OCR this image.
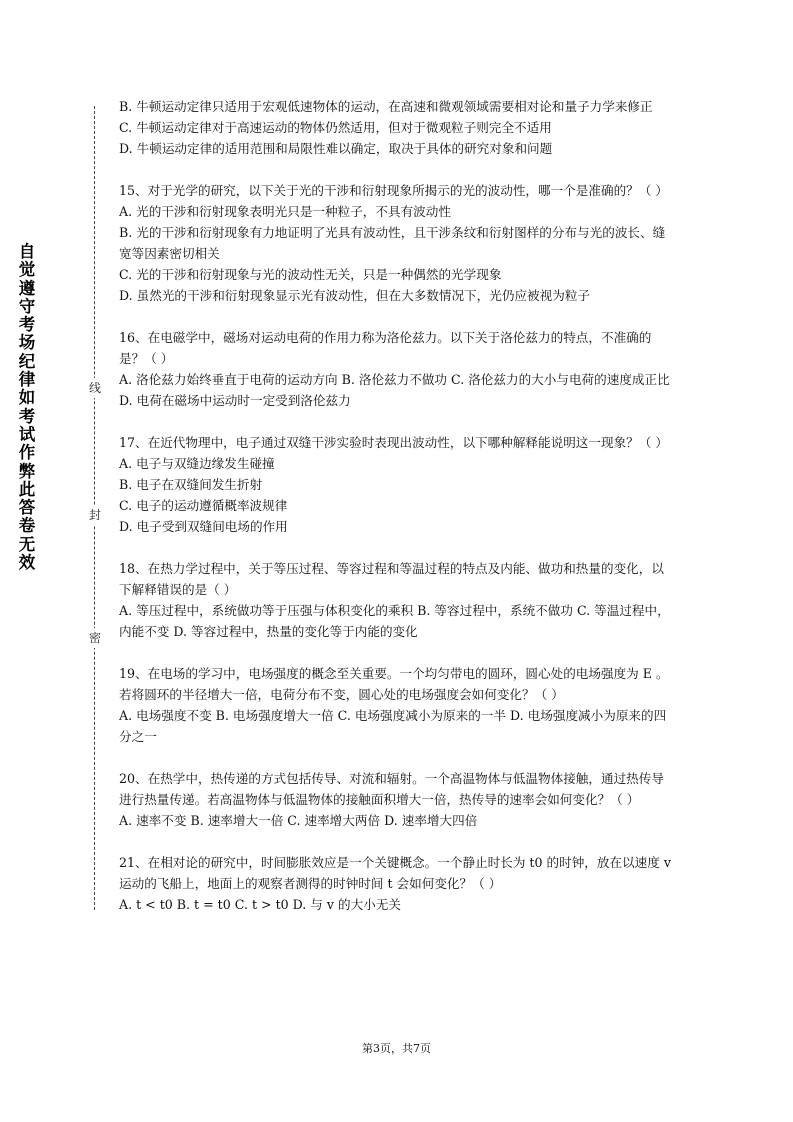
自
觉
遵
守
考
场
纪
律
如
考
试
作
弊
此
答
卷
无
效
线
封
密

B. 牛顿运动定律只适用于宏观低速物体的运动，在高速和微观领域需要相对论和量子力学来修正

C. 牛顿运动定律对于高速运动的物体仍然适用，但对于微观粒子则完全不适用

D. 牛顿运动定律的适用范围和局限性难以确定，取决于具体的研究对象和问题

15、对于光学的研究，以下关于光的干涉和衍射现象所揭示的光的波动性，哪一个是准确的？（ ）

A. 光的干涉和衍射现象表明光只是一种粒子，不具有波动性

B. 光的干涉和衍射现象有力地证明了光具有波动性，且干涉条纹和衍射图样的分布与光的波长、缝宽等因素密切相关

C. 光的干涉和衍射现象与光的波动性无关，只是一种偶然的光学现象

D. 虽然光的干涉和衍射现象显示光有波动性，但在大多数情况下，光仍应被视为粒子

16、在电磁学中，磁场对运动电荷的作用力称为洛伦兹力。以下关于洛伦兹力的特点，不准确的是？（ ）

A. 洛伦兹力始终垂直于电荷的运动方向 B. 洛伦兹力不做功 C. 洛伦兹力的大小与电荷的速度成正比 D. 电荷在磁场中运动时一定受到洛伦兹力

17、在近代物理中，电子通过双缝干涉实验时表现出波动性，以下哪种解释能说明这一现象？（ ）

A. 电子与双缝边缘发生碰撞

B. 电子在双缝间发生折射

C. 电子的运动遵循概率波规律

D. 电子受到双缝间电场的作用

18、在热力学过程中，关于等压过程、等容过程和等温过程的特点及内能、做功和热量的变化，以下解释错误的是（ ）

A. 等压过程中，系统做功等于压强与体积变化的乘积 B. 等容过程中，系统不做功 C. 等温过程中，内能不变 D. 等容过程中，热量的变化等于内能的变化

19、在电场的学习中，电场强度的概念至关重要。一个均匀带电的圆环，圆心处的电场强度为 E 。若将圆环的半径增大一倍，电荷分布不变，圆心处的电场强度会如何变化？（ ）

A. 电场强度不变 B. 电场强度增大一倍 C. 电场强度减小为原来的一半 D. 电场强度减小为原来的四分之一

20、在热学中，热传递的方式包括传导、对流和辐射。一个高温物体与低温物体接触，通过热传导进行热量传递。若高温物体与低温物体的接触面积增大一倍，热传导的速率会如何变化？（ ）

A. 速率不变 B. 速率增大一倍 C. 速率增大两倍 D. 速率增大四倍

21、在相对论的研究中，时间膨胀效应是一个关键概念。一个静止时长为 t0 的时钟，放在以速度 v 运动的飞船上，地面上的观察者测得的时钟时间 t 会如何变化？（ ）

A. t < t0 B. t = t0 C. t > t0 D. 与 v 的大小无关

第3页，共7页
